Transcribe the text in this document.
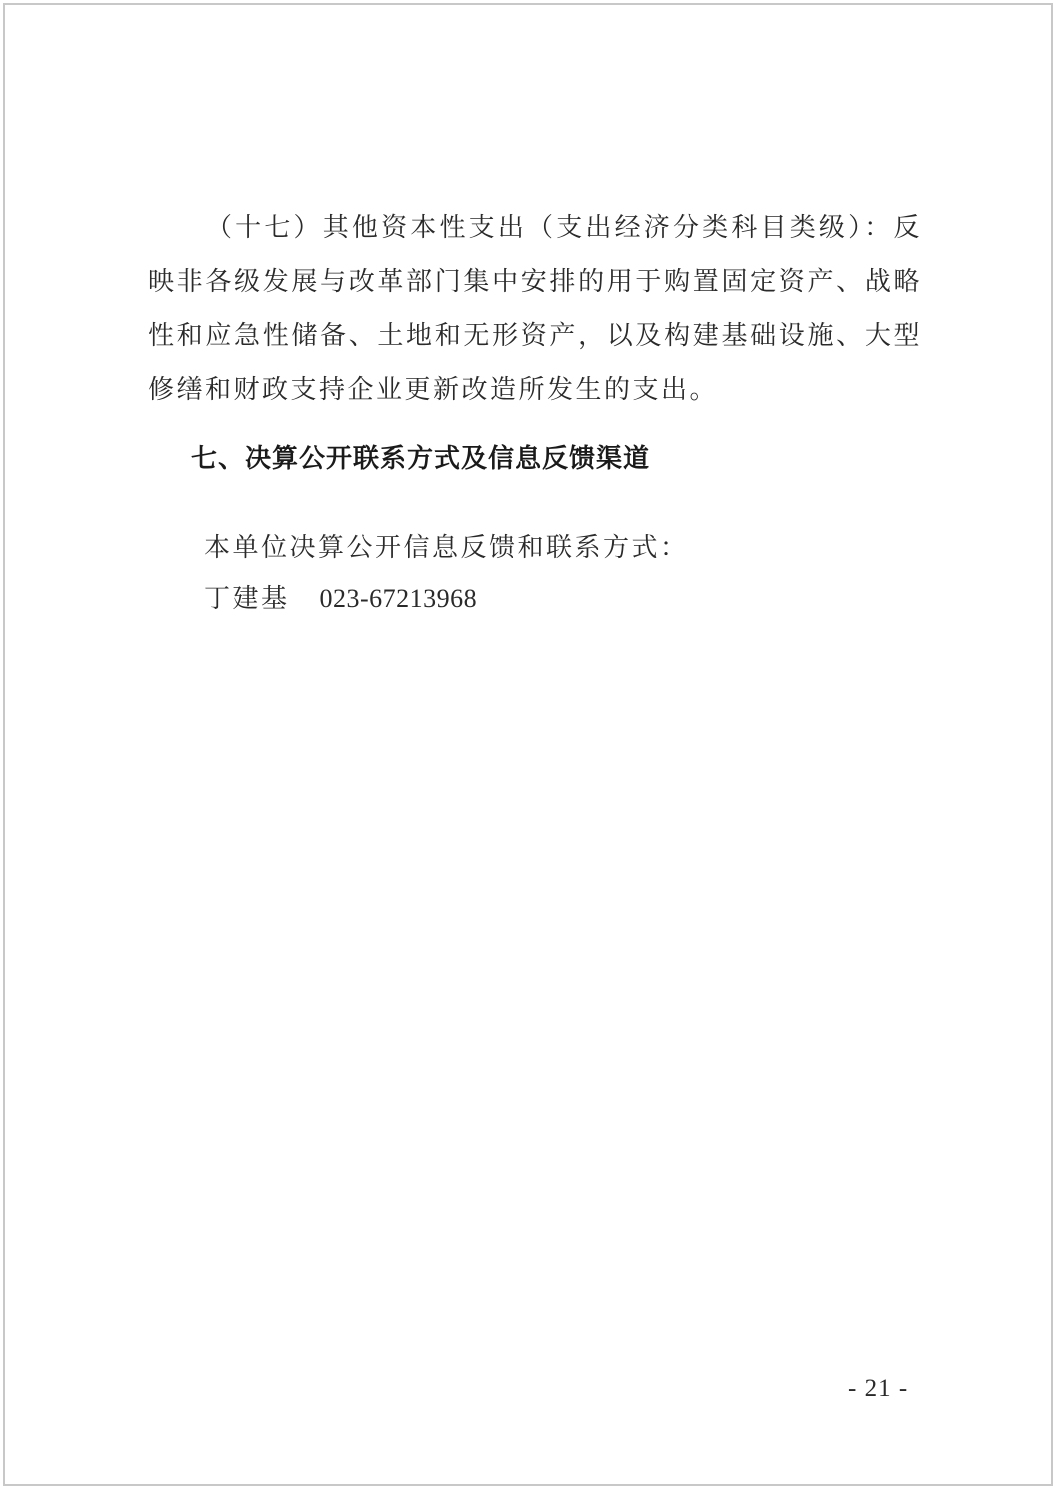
（十七）其他资本性支出（支出经济分类科目类级）：反映非各级发展与改革部门集中安排的用于购置固定资产、战略性和应急性储备、土地和无形资产，以及构建基础设施、大型修缮和财政支持企业更新改造所发生的支出。
七、决算公开联系方式及信息反馈渠道
本单位决算公开信息反馈和联系方式：
丁建基 023-67213968
- 21 -
